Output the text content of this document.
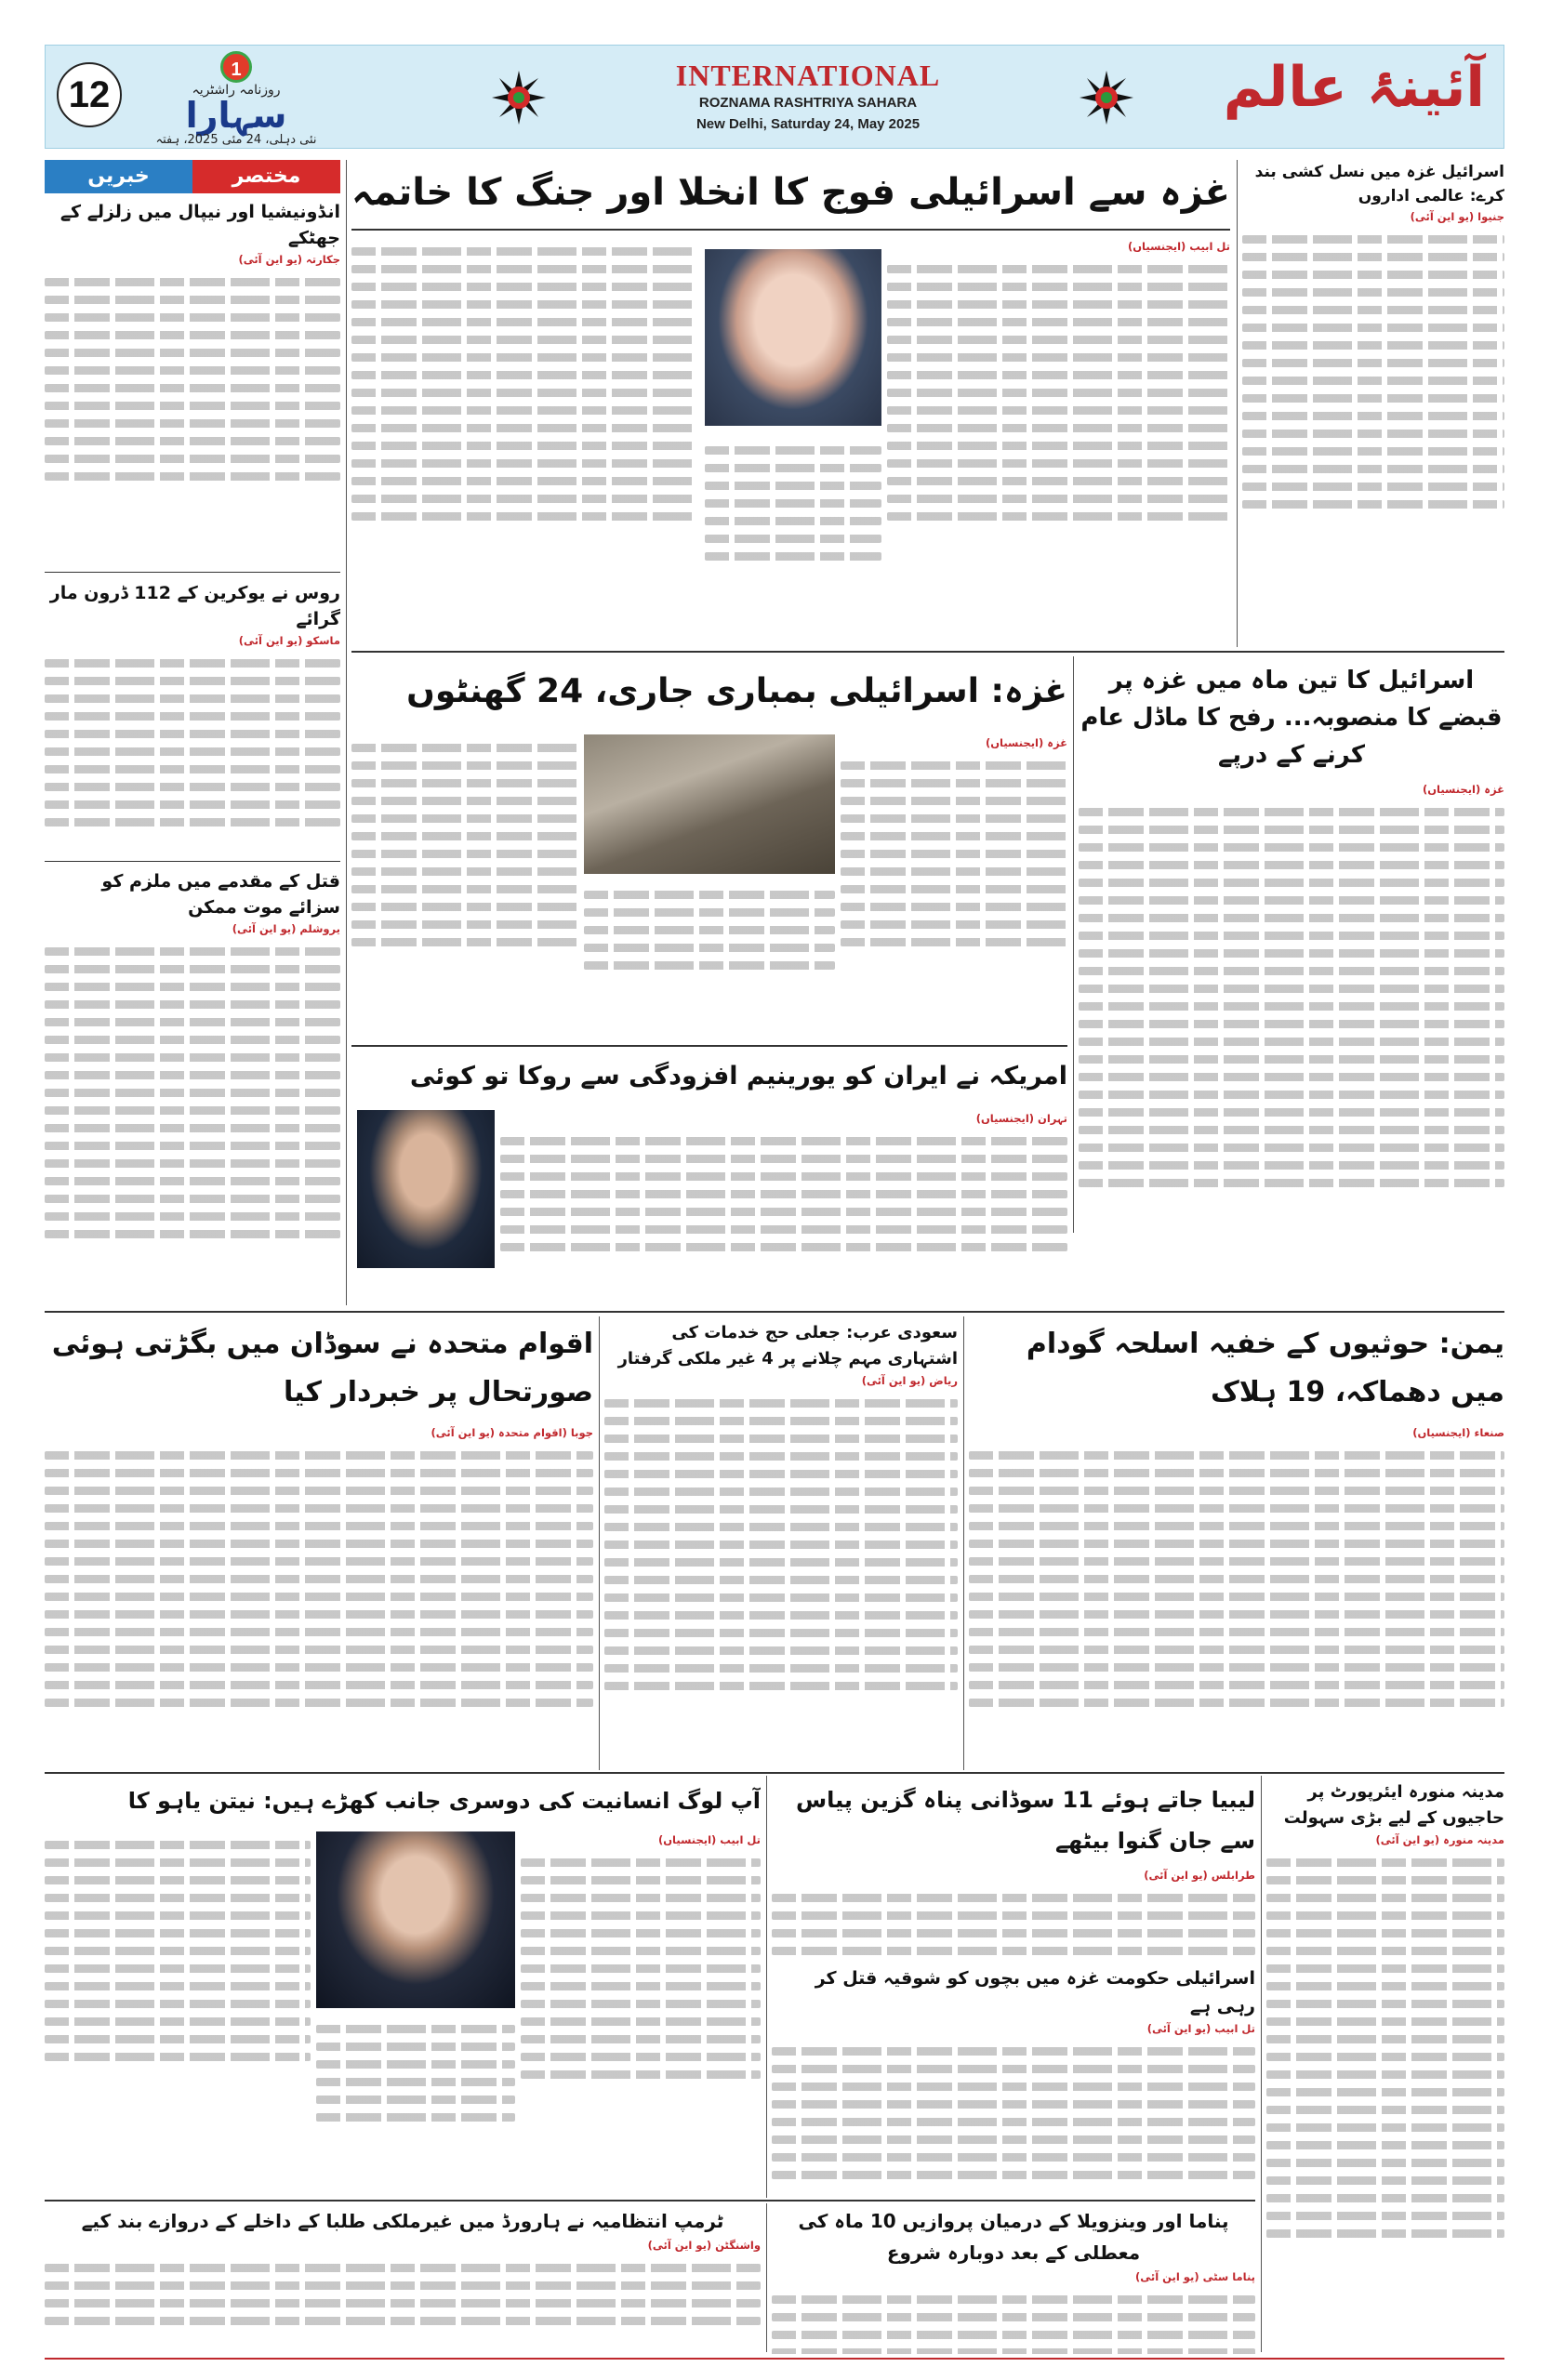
12
1
روزنامہ راشٹریہ
سہارا
نئی دہلی، 24 مئی 2025، ہفتہ
INTERNATIONAL
ROZNAMA RASHTRIYA SAHARA
New Delhi, Saturday 24, May 2025
آئینۂ عالم
خبریں	مختصر
انڈونیشیا اور نیپال میں زلزلے کے جھٹکے
جکارتہ (یو این آئی)
روس نے یوکرین کے 112 ڈرون مار گرائے
ماسکو (یو این آئی)
قتل کے مقدمے میں ملزم کو سزائے موت ممکن
یروشلم (یو این آئی)
غزہ سے اسرائیلی فوج کا انخلا اور جنگ کا خاتمہ
تل ابیب (ایجنسیاں)
اسرائیل غزہ میں نسل کشی بند کرے: عالمی اداروں
جنیوا (یو این آئی)
غزہ: اسرائیلی بمباری جاری، 24 گھنٹوں
غزہ (ایجنسیاں)
اسرائیل کا تین ماہ میں غزہ پر قبضے کا منصوبہ... رفح کا ماڈل عام کرنے کے درپے
غزہ (ایجنسیاں)
امریکہ نے ایران کو یورینیم افزودگی سے روکا تو کوئی
تہران (ایجنسیاں)
اقوام متحدہ نے سوڈان میں بگڑتی ہوئی صورتحال پر خبردار کیا
جوبا (اقوام متحدہ (یو این آئی)
سعودی عرب: جعلی حج خدمات کی اشتہاری مہم چلانے پر 4 غیر ملکی گرفتار
ریاض (یو این آئی)
یمن: حوثیوں کے خفیہ اسلحہ گودام میں دھماکہ، 19 ہلاک
صنعاء (ایجنسیاں)
آپ لوگ انسانیت کی دوسری جانب کھڑے ہیں: نیتن یاہو کا
تل ابیب (ایجنسیاں)
لیبیا جاتے ہوئے 11 سوڈانی پناہ گزین پیاس سے جان گنوا بیٹھے
طرابلس (یو این آئی)
اسرائیلی حکومت غزہ میں بچوں کو شوقیہ قتل کر رہی ہے
تل ابیب (یو این آئی)
مدینہ منورہ ایئرپورٹ پر حاجیوں کے لیے بڑی سہولت
مدینہ منورہ (یو این آئی)
ٹرمپ انتظامیہ نے ہارورڈ میں غیرملکی طلبا کے داخلے کے دروازے بند کیے
واشنگٹن (یو این آئی)
پناما اور وینزویلا کے درمیان پروازیں 10 ماہ کی معطلی کے بعد دوبارہ شروع
پناما سٹی (یو این آئی)
